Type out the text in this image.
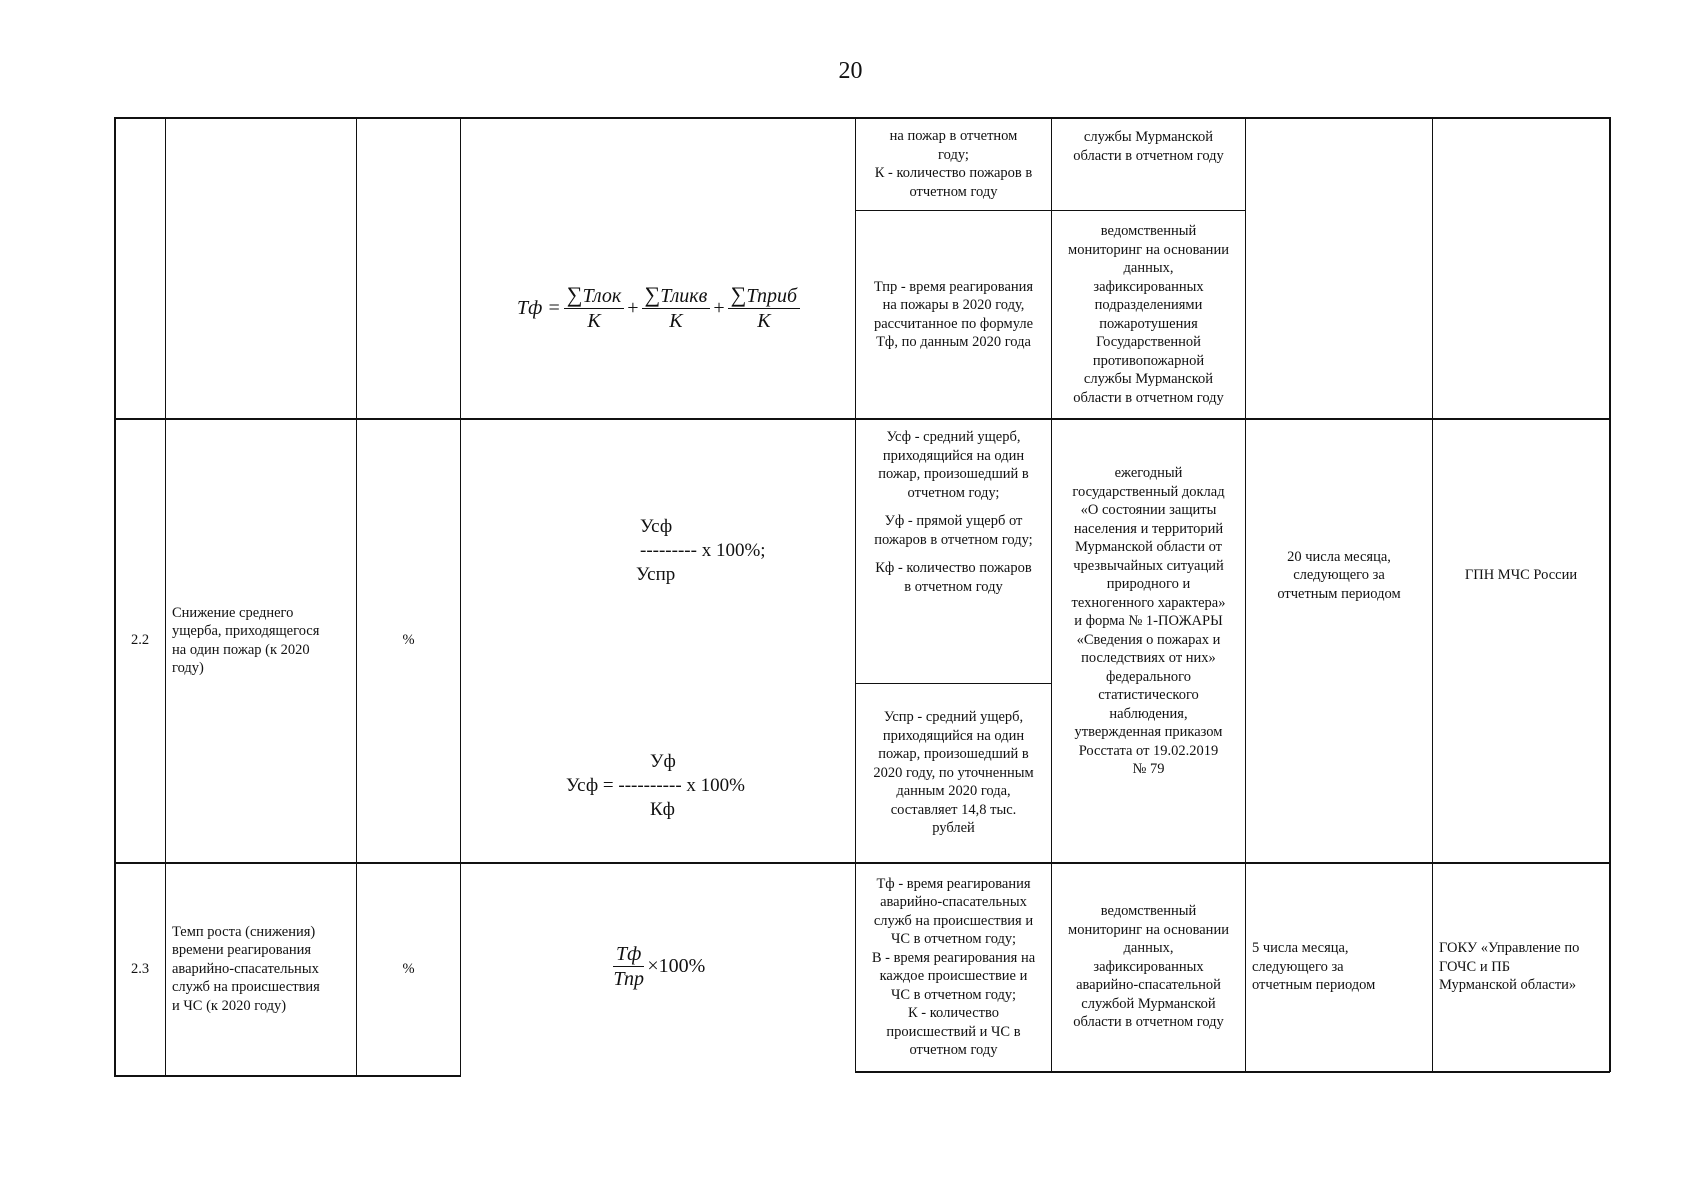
20

на пожар в отчетном

году;

К - количество пожаров в

отчетном году

службы Мурманской

области в отчетном году

Тф = $\frac{\text{∑Тлок}}{К} + \frac{\text{∑Тликв}}{К} + \frac{\text{∑Тприб}}{К}$	Тпр - время реагирования

на пожары в 2020 году,

рассчитанное по формуле

Тф, по данным 2020 года

ведомственный

мониторинг на основании

данных,

зафиксированных

подразделениями

пожаротушения

Государственной

противопожарной

службы Мурманской

области в отчетном году

2.2

Снижение среднего

ущерба, приходящегося

на один пожар (к 2020

году)

%
Усф
--------- х 100%;
Успр
Уф
Усф = ---------- х 100%
Кф

Усф - средний ущерб,

приходящийся на один

пожар, произошедший в

отчетном году;

Уф - прямой ущерб от

пожаров в отчетном году;

Кф - количество пожаров

в отчетном году

Успр - средний ущерб,

приходящийся на один

пожар, произошедший в

2020 году, по уточненным

данным 2020 года,

составляет 14,8 тыс.

рублей

ежегодный

государственный доклад

«О состоянии защиты

населения и территорий

Мурманской области от

чрезвычайных ситуаций

природного и

техногенного характера»

и форма № 1-ПОЖАРЫ

«Сведения о пожарах и

последствиях от них»

федерального

статистического

наблюдения,

утвержденная приказом

Росстата от 19.02.2019

№ 79

20 числа месяца,

следующего за

отчетным периодом

ГПН МЧС России

2.3

Темп роста (снижения)

времени реагирования

аварийно-спасательных

служб на происшествия

и ЧС (к 2020 году)

%	$\frac{Тф}{\text{Тпр}} \times 100\%$

Тф - время реагирования

аварийно-спасательных

служб на происшествия и

ЧС в отчетном году;

В - время реагирования на

каждое происшествие и

ЧС в отчетном году;

К - количество

происшествий и ЧС в

отчетном году

ведомственный

мониторинг на основании

данных,

зафиксированных

аварийно-спасательной

службой Мурманской

области в отчетном году

5 числа месяца,

следующего за

отчетным периодом

ГОКУ «Управление по

ГОЧС и ПБ

Мурманской области»
